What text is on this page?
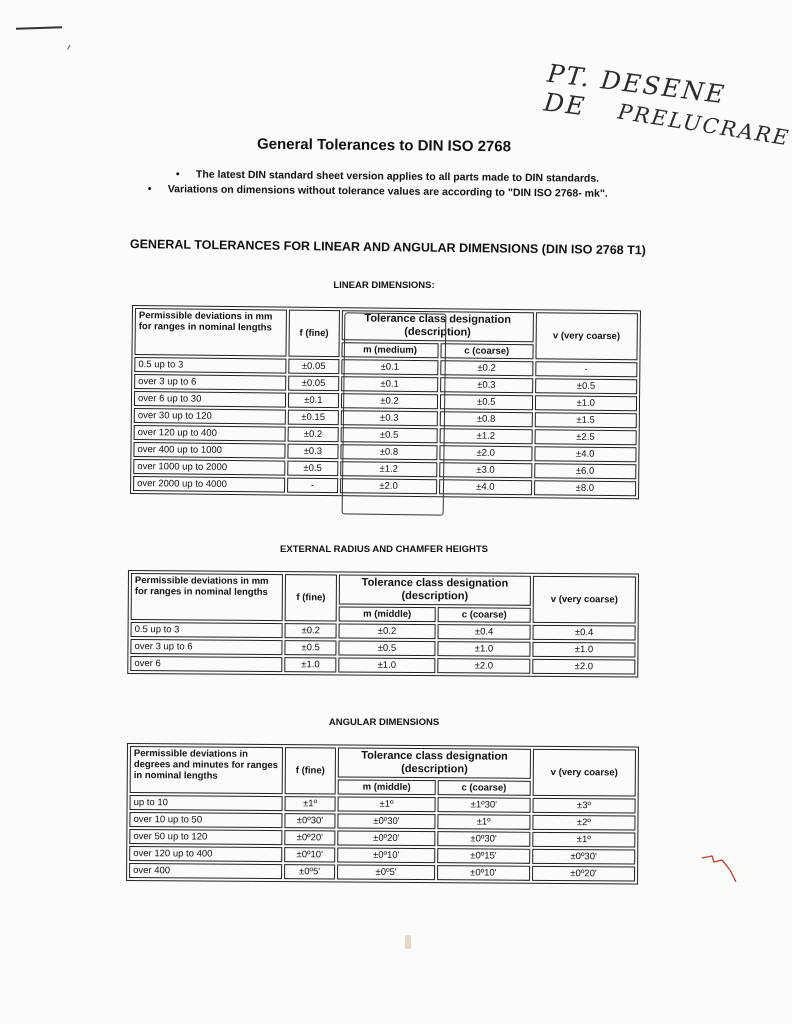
PT. DESENE DE	PRELUCRARE
General Tolerances to DIN ISO 2768
• The latest DIN standard sheet version applies to all parts made to DIN standards.
• Variations on dimensions without tolerance values are according to "DIN ISO 2768- mk".
GENERAL TOLERANCES FOR LINEAR AND ANGULAR DIMENSIONS (DIN ISO 2768 T1)
LINEAR DIMENSIONS:
Permissible deviations in mm for ranges in nominal lengths	f (fine)	Tolerance class designation (description)		v (very coarse)
		m (medium)	c (coarse)	
0.5 up to 3	±0.05	±0.1	±0.2	-
over 3 up to 6	±0.05	±0.1	±0.3	±0.5
over 6 up to 30	±0.1	±0.2	±0.5	±1.0
over 30 up to 120	±0.15	±0.3	±0.8	±1.5
over 120 up to 400	±0.2	±0.5	±1.2	±2.5
over 400 up to 1000	±0.3	±0.8	±2.0	±4.0
over 1000 up to 2000	±0.5	±1.2	±3.0	±6.0
over 2000 up to 4000	-	±2.0	±4.0	±8.0
EXTERNAL RADIUS AND CHAMFER HEIGHTS
Permissible deviations in mm for ranges in nominal lengths	f (fine)	Tolerance class designation (description)		v (very coarse)
		m (middle)	c (coarse)	
0.5 up to 3	±0.2	±0.2	±0.4	±0.4
over 3 up to 6	±0.5	±0.5	±1.0	±1.0
over 6	±1.0	±1.0	±2.0	±2.0
ANGULAR DIMENSIONS
Permissible deviations in degrees and minutes for ranges in nominal lengths	f (fine)	Tolerance class designation (description)		v (very coarse)
		m (middle)	c (coarse)	
up to 10	±1º	±1º	±1º30'	±3º
over 10 up to 50	±0º30'	±0º30'	±1º	±2º
over 50 up to 120	±0º20'	±0º20'	±0º30'	±1º
over 120 up to 400	±0º10'	±0º10'	±0º15'	±0º30'
over 400	±0º5'	±0º5'	±0º10'	±0º20'
